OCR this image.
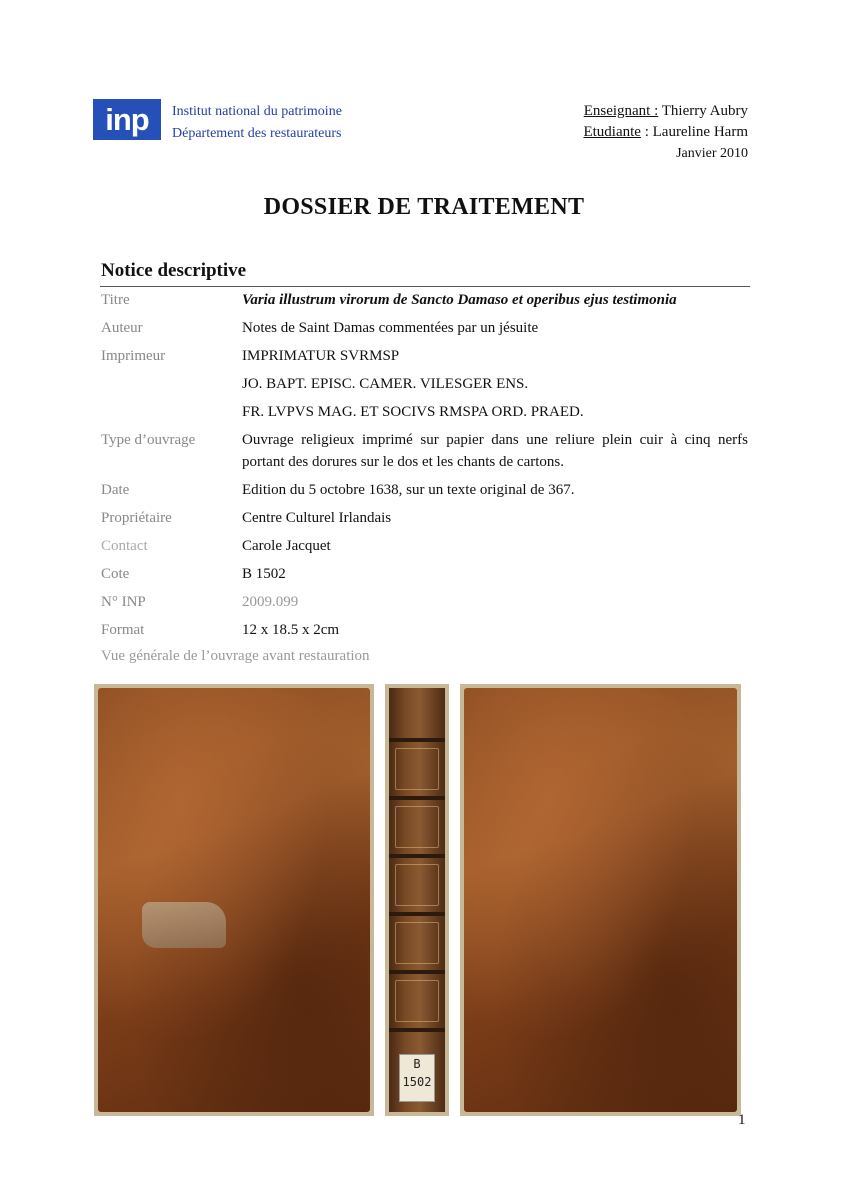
inp	Institut national du patrimoine
Département des restaurateurs
Enseignant : Thierry Aubry
Etudiante : Laureline Harm
Janvier 2010
DOSSIER DE TRAITEMENT
Notice descriptive
Titre	Varia illustrum virorum de Sancto Damaso et operibus ejus testimonia
Auteur	Notes de Saint Damas commentées par un jésuite
Imprimeur	IMPRIMATUR SVRMSP
JO. BAPT. EPISC. CAMER. VILESGER ENS.
FR. LVPVS MAG. ET SOCIVS RMSPA ORD. PRAED.
Type d’ouvrage	Ouvrage religieux imprimé sur papier dans une reliure plein cuir à cinq nerfs portant des dorures sur le dos et les chants de cartons.
Date	Edition du 5 octobre 1638, sur un texte original de 367.
Propriétaire	Centre Culturel Irlandais
Contact	Carole Jacquet
Cote	B 1502
N° INP	2009.099
Format	12 x 18.5 x 2cm
Vue générale de l’ouvrage avant restauration
B
1502
1
